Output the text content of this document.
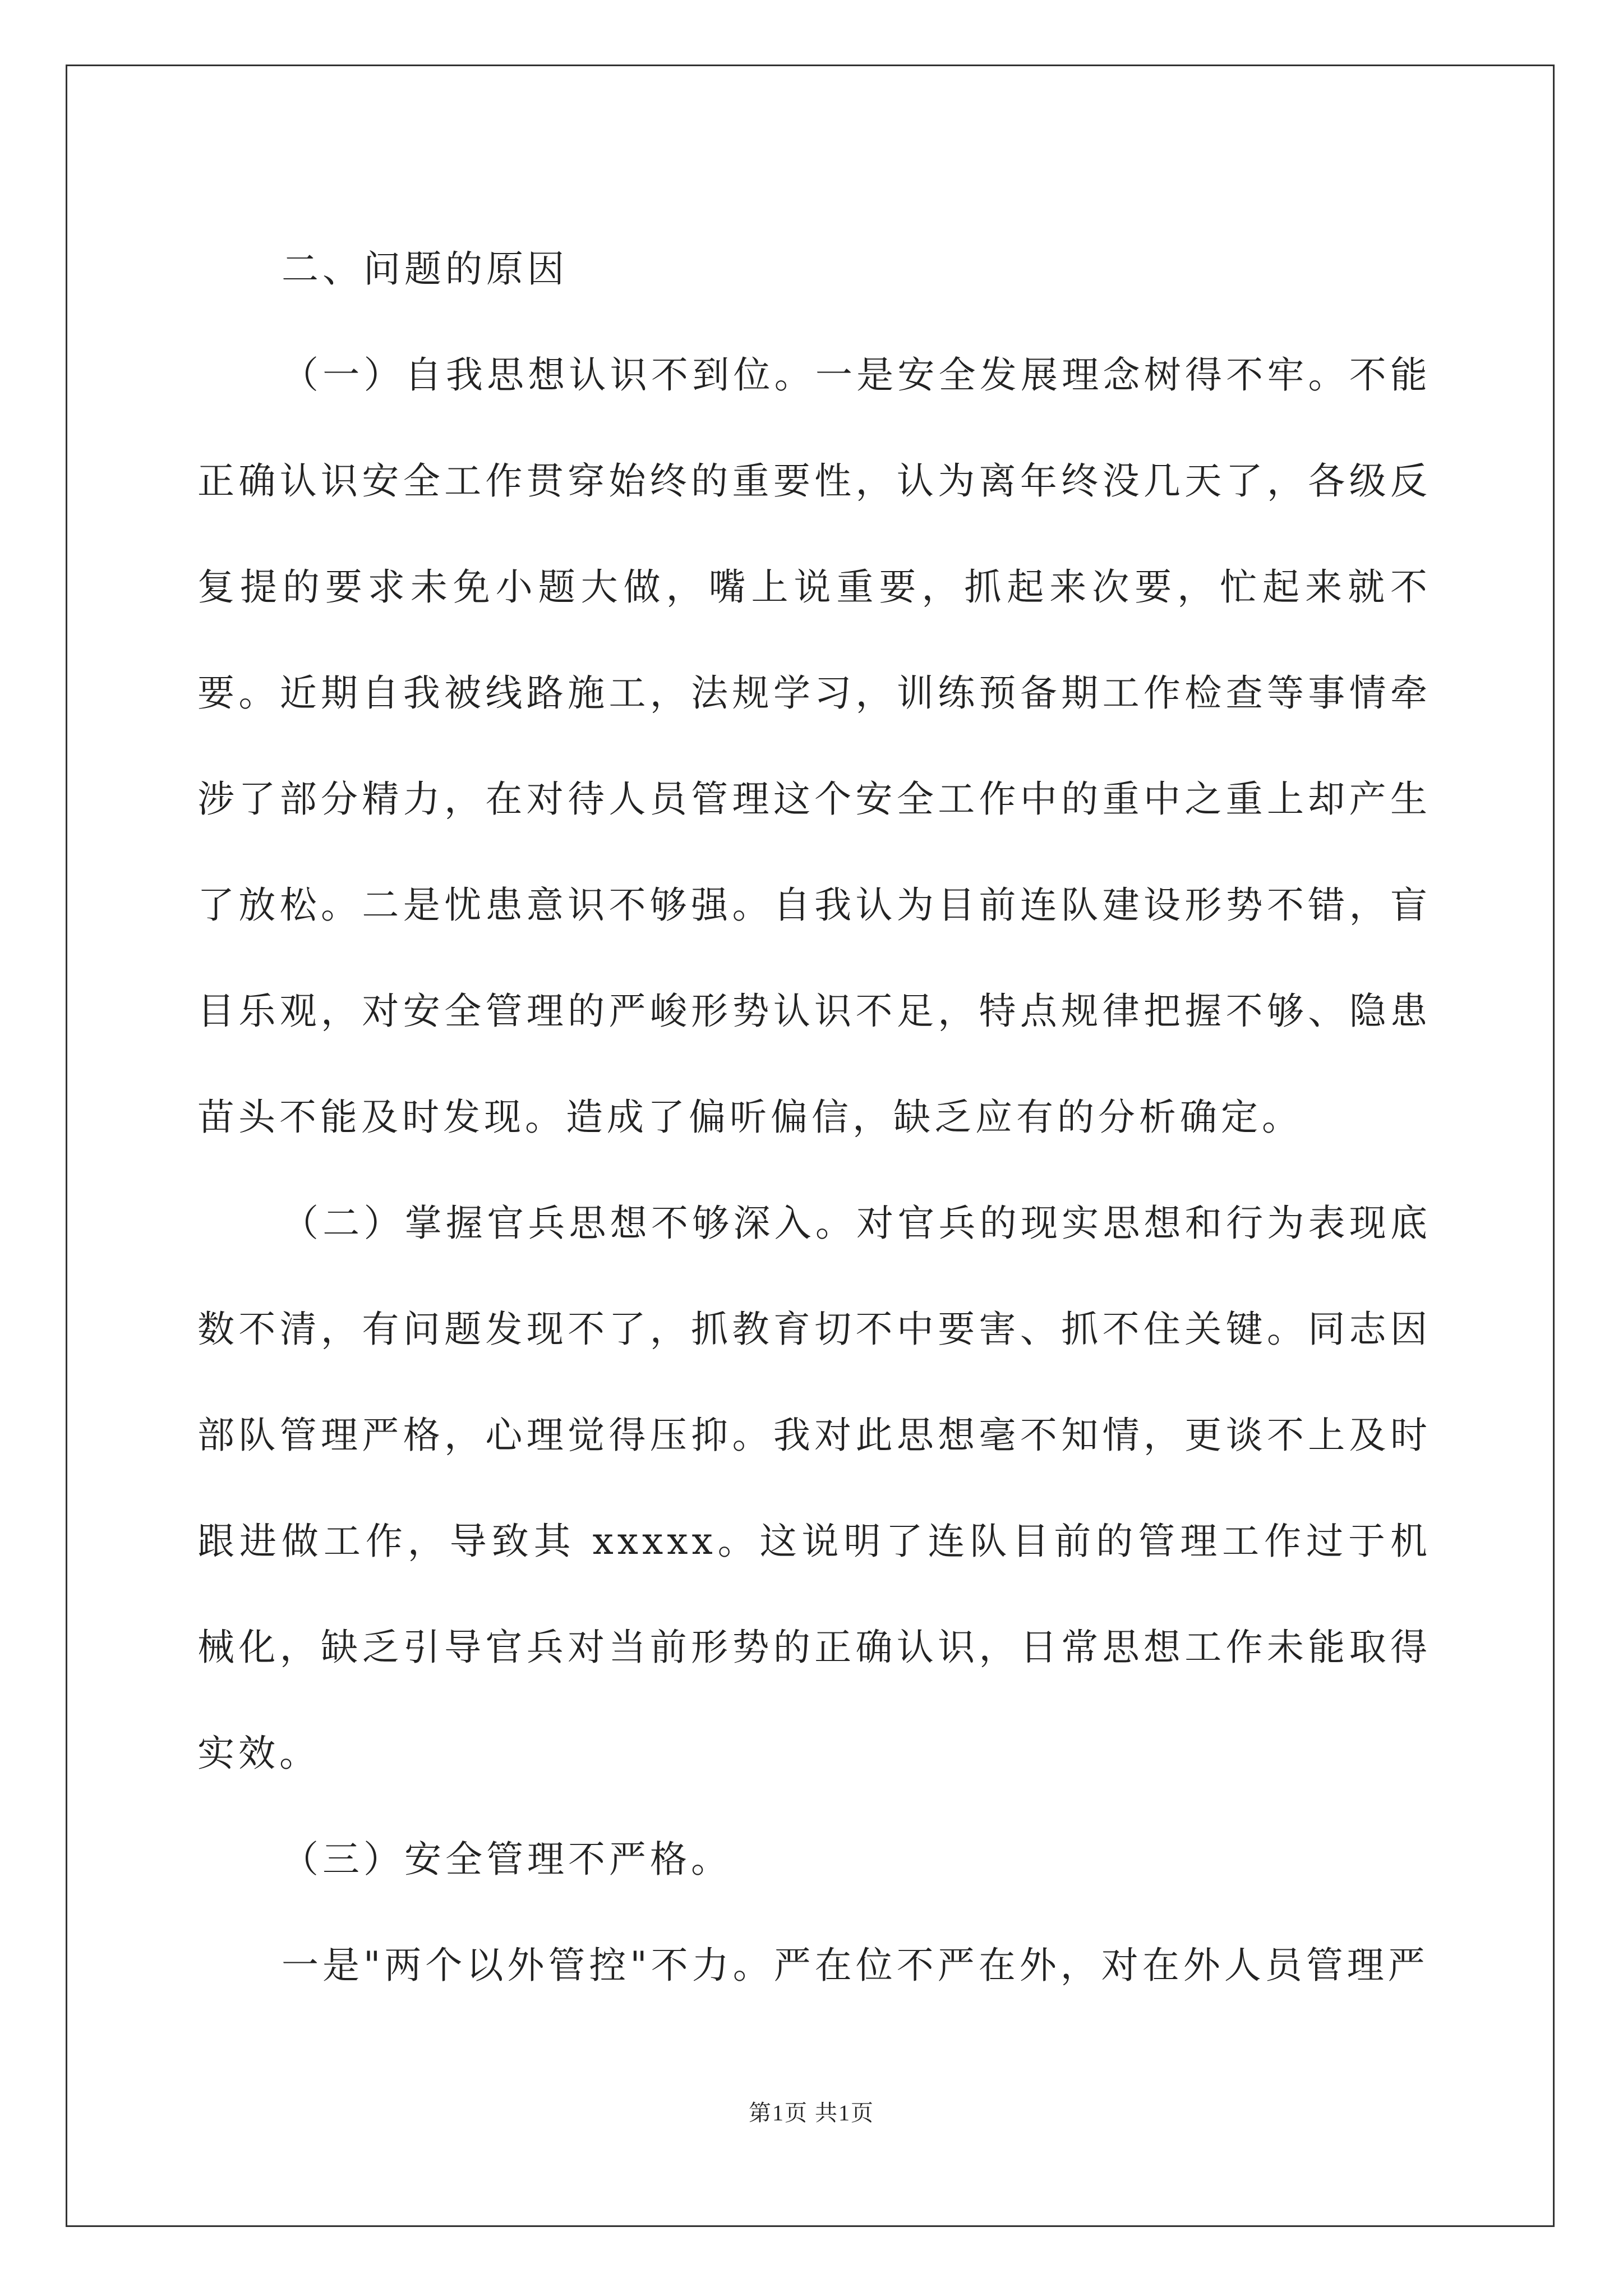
二、问题的原因

（一）自我思想认识不到位。一是安全发展理念树得不牢。不能正确认识安全工作贯穿始终的重要性，认为离年终没几天了，各级反复提的要求未免小题大做，嘴上说重要，抓起来次要，忙起来就不要。近期自我被线路施工，法规学习，训练预备期工作检查等事情牵涉了部分精力，在对待人员管理这个安全工作中的重中之重上却产生了放松。二是忧患意识不够强。自我认为目前连队建设形势不错，盲目乐观，对安全管理的严峻形势认识不足，特点规律把握不够、隐患苗头不能及时发现。造成了偏听偏信，缺乏应有的分析确定。

（二）掌握官兵思想不够深入。对官兵的现实思想和行为表现底数不清，有问题发现不了，抓教育切不中要害、抓不住关键。同志因部队管理严格，心理觉得压抑。我对此思想毫不知情，更谈不上及时跟进做工作，导致其 xxxxx。这说明了连队目前的管理工作过于机械化，缺乏引导官兵对当前形势的正确认识，日常思想工作未能取得实效。

（三）安全管理不严格。

一是"两个以外管控"不力。严在位不严在外，对在外人员管理严

第1页 共1页
